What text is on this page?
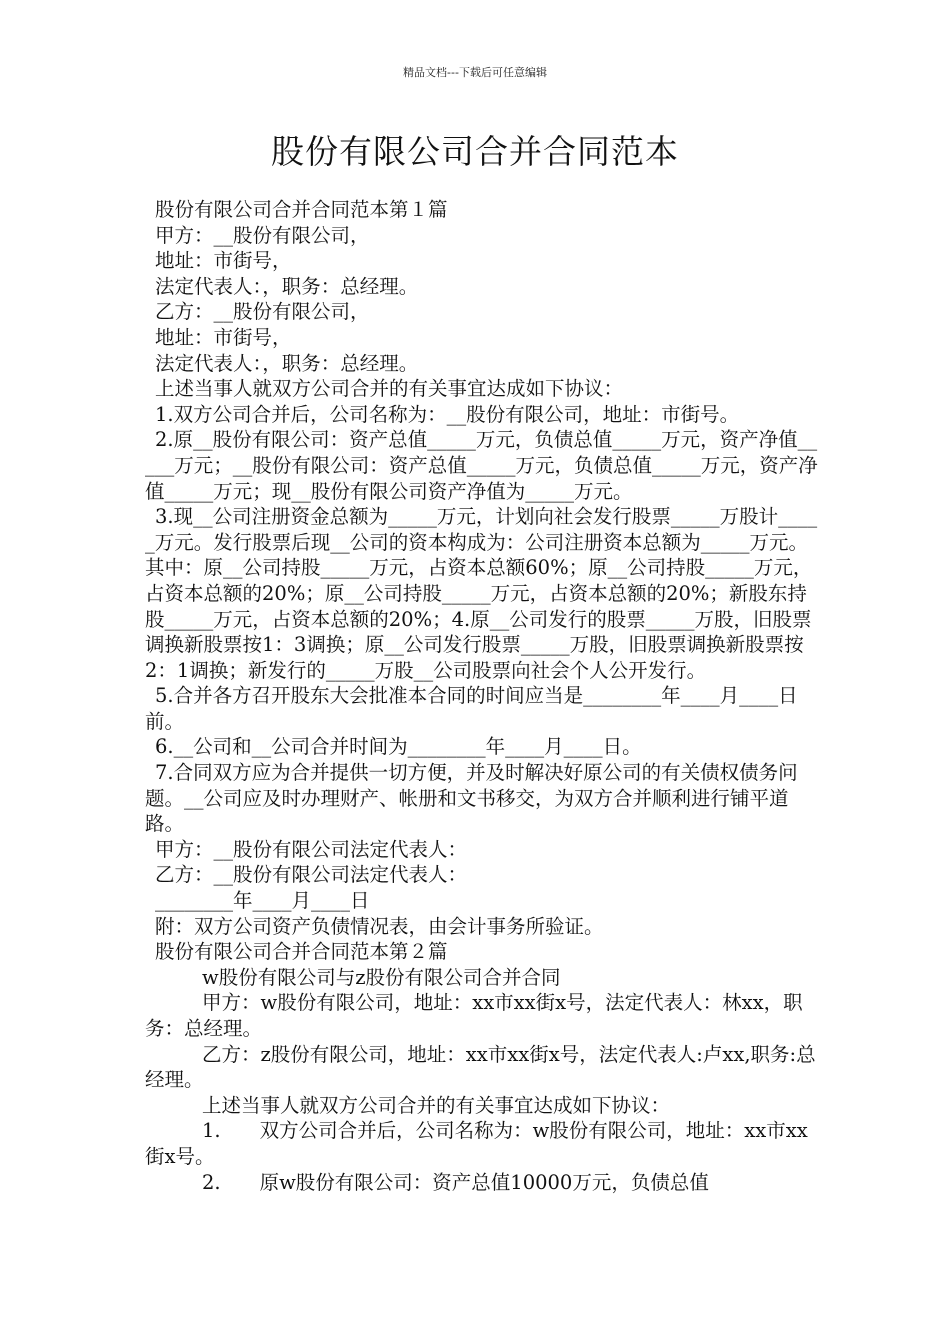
精品文档---下载后可任意编辑
股份有限公司合并合同范本

股份有限公司合并合同范本第１篇

甲方：__股份有限公司，

地址：市街号，

法定代表人：，职务：总经理。

乙方：__股份有限公司，

地址：市街号，

法定代表人：，职务：总经理。

上述当事人就双方公司合并的有关事宜达成如下协议：

1.双方公司合并后，公司名称为：__股份有限公司，地址：市街号。

2.原__股份有限公司：资产总值_____万元，负债总值_____万元，资产净值_____万元；__股份有限公司：资产总值_____万元，负债总值_____万元，资产净值_____万元；现__股份有限公司资产净值为_____万元。

3.现__公司注册资金总额为_____万元，计划向社会发行股票_____万股计_____万元。发行股票后现__公司的资本构成为：公司注册资本总额为_____万元。其中：原__公司持股_____万元，占资本总额60%；原__公司持股_____万元，占资本总额的20%；原__公司持股_____万元，占资本总额的20%；新股东持股_____万元，占资本总额的20%；4.原__公司发行的股票_____万股，旧股票调换新股票按1：3调换；原__公司发行股票_____万股，旧股票调换新股票按2：1调换；新发行的_____万股__公司股票向社会个人公开发行。

5.合并各方召开股东大会批准本合同的时间应当是________年____月____日前。

6.__公司和__公司合并时间为________年____月____日。

7.合同双方应为合并提供一切方便，并及时解决好原公司的有关债权债务问题。__公司应及时办理财产、帐册和文书移交，为双方合并顺利进行铺平道路。

甲方：__股份有限公司法定代表人：

乙方：__股份有限公司法定代表人：

________年____月____日

附：双方公司资产负债情况表，由会计事务所验证。

股份有限公司合并合同范本第２篇

w股份有限公司与z股份有限公司合并合同

甲方：w股份有限公司，地址：xx市xx街x号，法定代表人：林xx，职务：总经理。

乙方：z股份有限公司，地址：xx市xx街x号，法定代表人:卢xx,职务:总经理。

上述当事人就双方公司合并的有关事宜达成如下协议：

1.　　双方公司合并后，公司名称为：w股份有限公司，地址：xx市xx街x号。

2.　　原w股份有限公司：资产总值10000万元，负债总值
